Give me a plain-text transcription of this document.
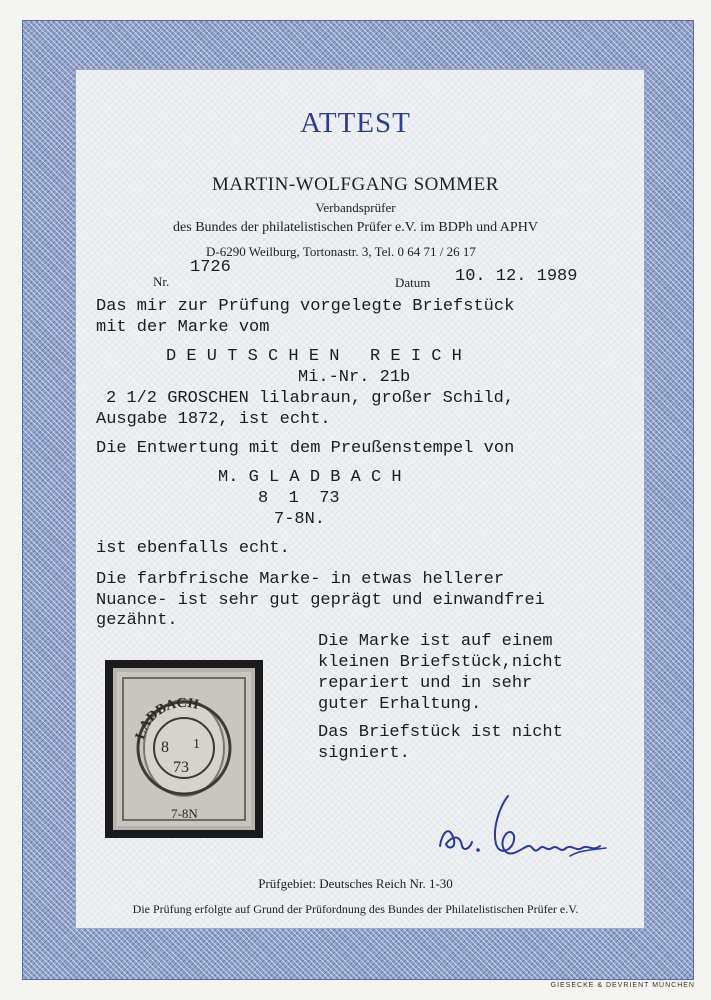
ATTEST
MARTIN-WOLFGANG SOMMER
Verbandsprüfer
des Bundes der philatelistischen Prüfer e.V. im BDPh und APHV
D-6290 Weilburg, Tortonastr. 3, Tel. 0 64 71 / 26 17
Nr.
1726
Datum 10. 12. 1989
Das mir zur Prüfung vorgelegte Briefstück
mit der Marke vom
D E U T S C H E N   R E I C H
Mi.-Nr. 21b
2 1/2 GROSCHEN lilabraun, großer Schild,
Ausgabe 1872, ist echt.
Die Entwertung mit dem Preußenstempel von
M. G L A D B A C H
8  1  73
7-8N.
ist ebenfalls echt.
Die farbfrische Marke- in etwas hellerer
Nuance- ist sehr gut geprägt und einwandfrei
gezähnt.
Die Marke ist auf einem
kleinen Briefstück,nicht
repariert und in sehr
guter Erhaltung.
Das Briefstück ist nicht
signiert.
LADBACH
8 1
73
7-8N
Prüfgebiet: Deutsches Reich Nr. 1-30
Die Prüfung erfolgte auf Grund der Prüfordnung des Bundes der Philatelistischen Prüfer e.V.
GIESECKE & DEVRIENT MÜNCHEN
